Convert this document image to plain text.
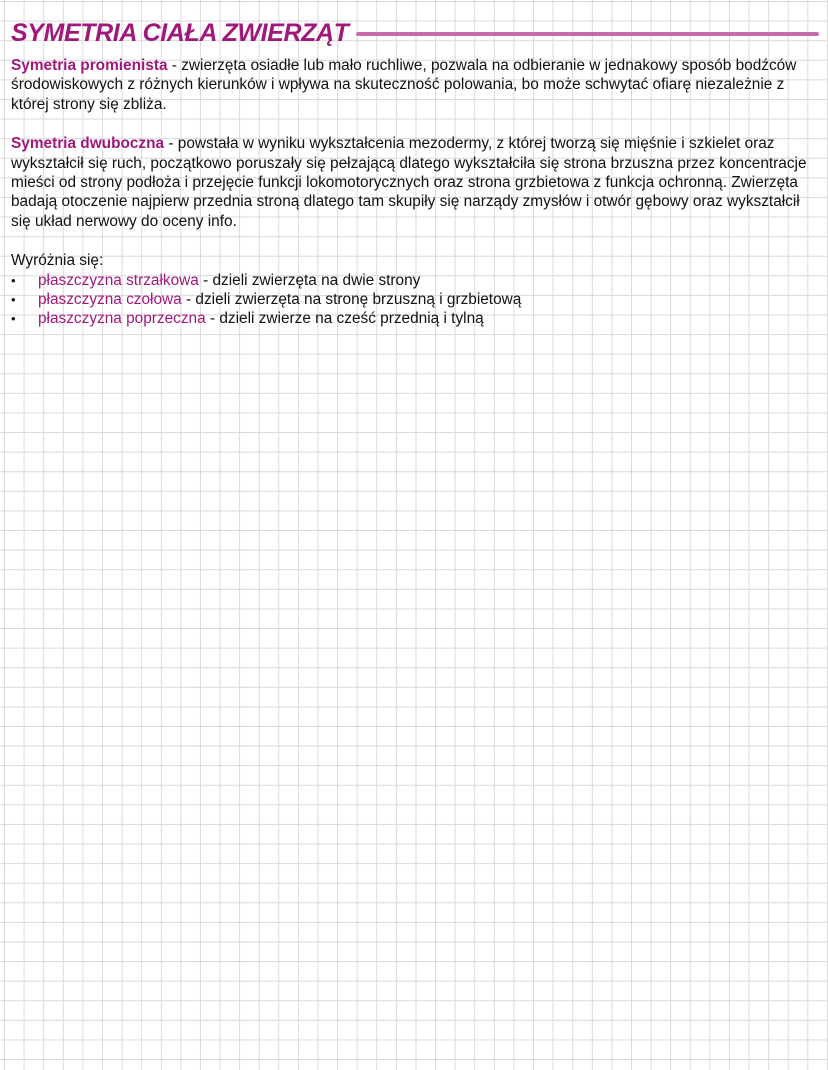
SYMETRIA CIAŁA ZWIERZĄT

Symetria promienista - zwierzęta osiadłe lub mało ruchliwe, pozwala na odbieranie w jednakowy sposób bodźców środowiskowych z różnych kierunków i wpływa na skuteczność polowania, bo może schwytać ofiarę niezależnie z której strony się zbliża.

Symetria dwuboczna - powstała w wyniku wykształcenia mezodermy, z której tworzą się mięśnie i szkielet oraz wykształcił się ruch, początkowo poruszały się pełzającą dlatego wykształciła się strona brzuszna przez koncentracje mieści od strony podłoża i przejęcie funkcji lokomotorycznych oraz strona grzbietowa z funkcja ochronną. Zwierzęta badają otoczenie najpierw przednia stroną dlatego tam skupiły się narządy zmysłów i otwór gębowy oraz wykształcił się układ nerwowy do oceny info.

Wyróżnia się:
• płaszczyzna strzałkowa - dzieli zwierzęta na dwie strony
• płaszczyzna czołowa - dzieli zwierzęta na stronę brzuszną i grzbietową
• płaszczyzna poprzeczna - dzieli zwierze na cześć przednią i tylną
